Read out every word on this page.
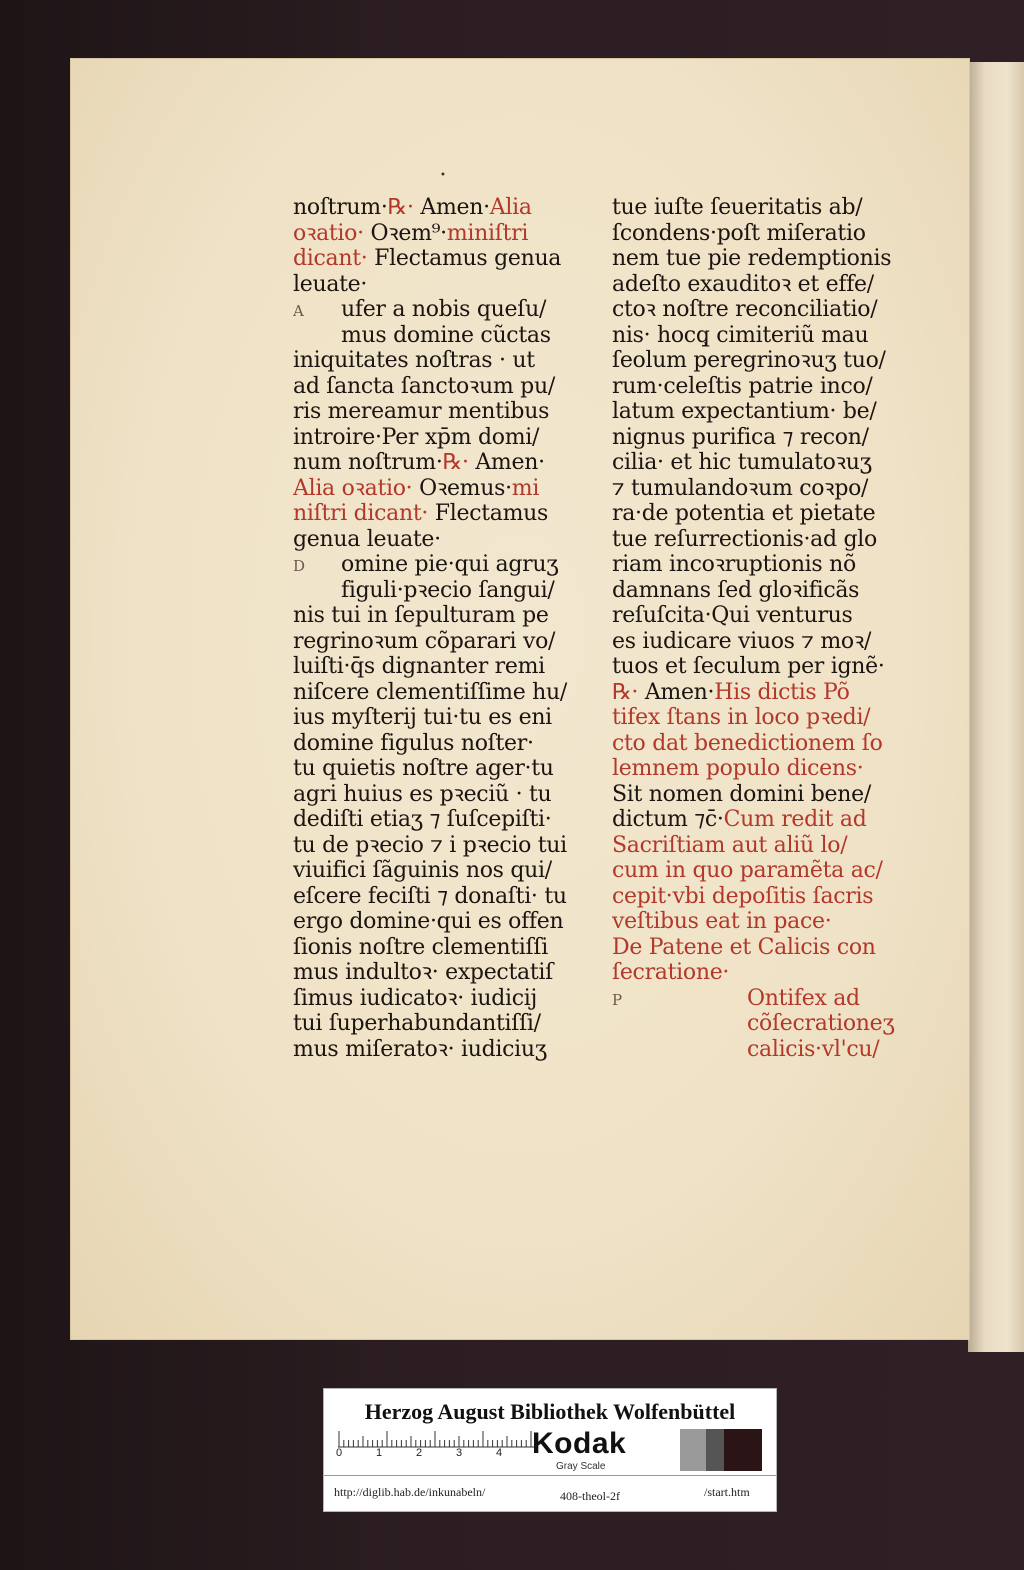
•
noſtrum·℞· Amen·Alia
oꝛatio· Oꝛem⁹·miniſtri
dicant· Flectamus genua
leuate·
A ufer a nobis queſu/
mus domine cũctas
iniquitates noſtras · ut
ad ſancta ſanctoꝛum pu/
ris mereamur mentibus
introire·Per xp̄m domi/
num noſtrum·℞· Amen·
Alia oꝛatio· Oꝛemus·mi
niſtri dicant· Flectamus
genua leuate·
D omine pie·qui agruʒ
figuli·pꝛecio ſangui/
nis tui in ſepulturam pe
regrinoꝛum cõparari vo/
luiſti·q̄s dignanter remi
niſcere clementiſſime hu/
ius myſterij tui·tu es eni
domine figulus noſter·
tu quietis noſtre ager·tu
agri huius es pꝛeciũ · tu
dediſti etiaʒ ⁊ ſuſcepiſti·
tu de pꝛecio ⁊ i pꝛecio tui
viuifici ſãguinis nos qui/
eſcere feciſti ⁊ donaſti· tu
ergo domine·qui es offen
ſionis noſtre clementiſſi
mus indultoꝛ· expectatiſ
ſimus iudicatoꝛ· iudicij
tui ſuperhabundantiſſi/
mus miſeratoꝛ· iudiciuʒ
tue iuſte ſeueritatis ab/
ſcondens·poſt miſeratio
nem tue pie redemptionis
adeſto exauditoꝛ et effe/
ctoꝛ noſtre reconciliatio/
nis· hocq̧ cimiteriũ mau
ſeolum peregrinoꝛuʒ tuo/
rum·celeſtis patrie inco/
latum expectantium· be/
nignus purifica ⁊ recon/
cilia· et hic tumulatoꝛuʒ
⁊ tumulandoꝛum coꝛpo/
ra·de potentia et pietate
tue reſurrectionis·ad glo
riam incoꝛruptionis nõ
damnans ſed gloꝛificãs
reſuſcita·Qui venturus
es iudicare viuos ⁊ moꝛ/
tuos et ſeculum per ignẽ·
℞· Amen·His dictis Põ
tifex ſtans in loco pꝛedi/
cto dat benedictionem ſo
lemnem populo dicens·
Sit nomen domini bene/
dictum ⁊c̄·Cum redit ad
Sacriſtiam aut aliũ lo/
cum in quo paramẽta ac/
cepit·vbi depoſitis ſacris
veſtibus eat in pace·
De Patene et Calicis con
ſecratione·
P	Ontifex ad
cõſecrationeʒ
calicis·vl'cu/
Herzog August Bibliothek Wolfenbüttel
0	1	2	3	4 Kodak
Gray Scale
http://diglib.hab.de/inkunabeln/	408-theol-2f	/start.htm
